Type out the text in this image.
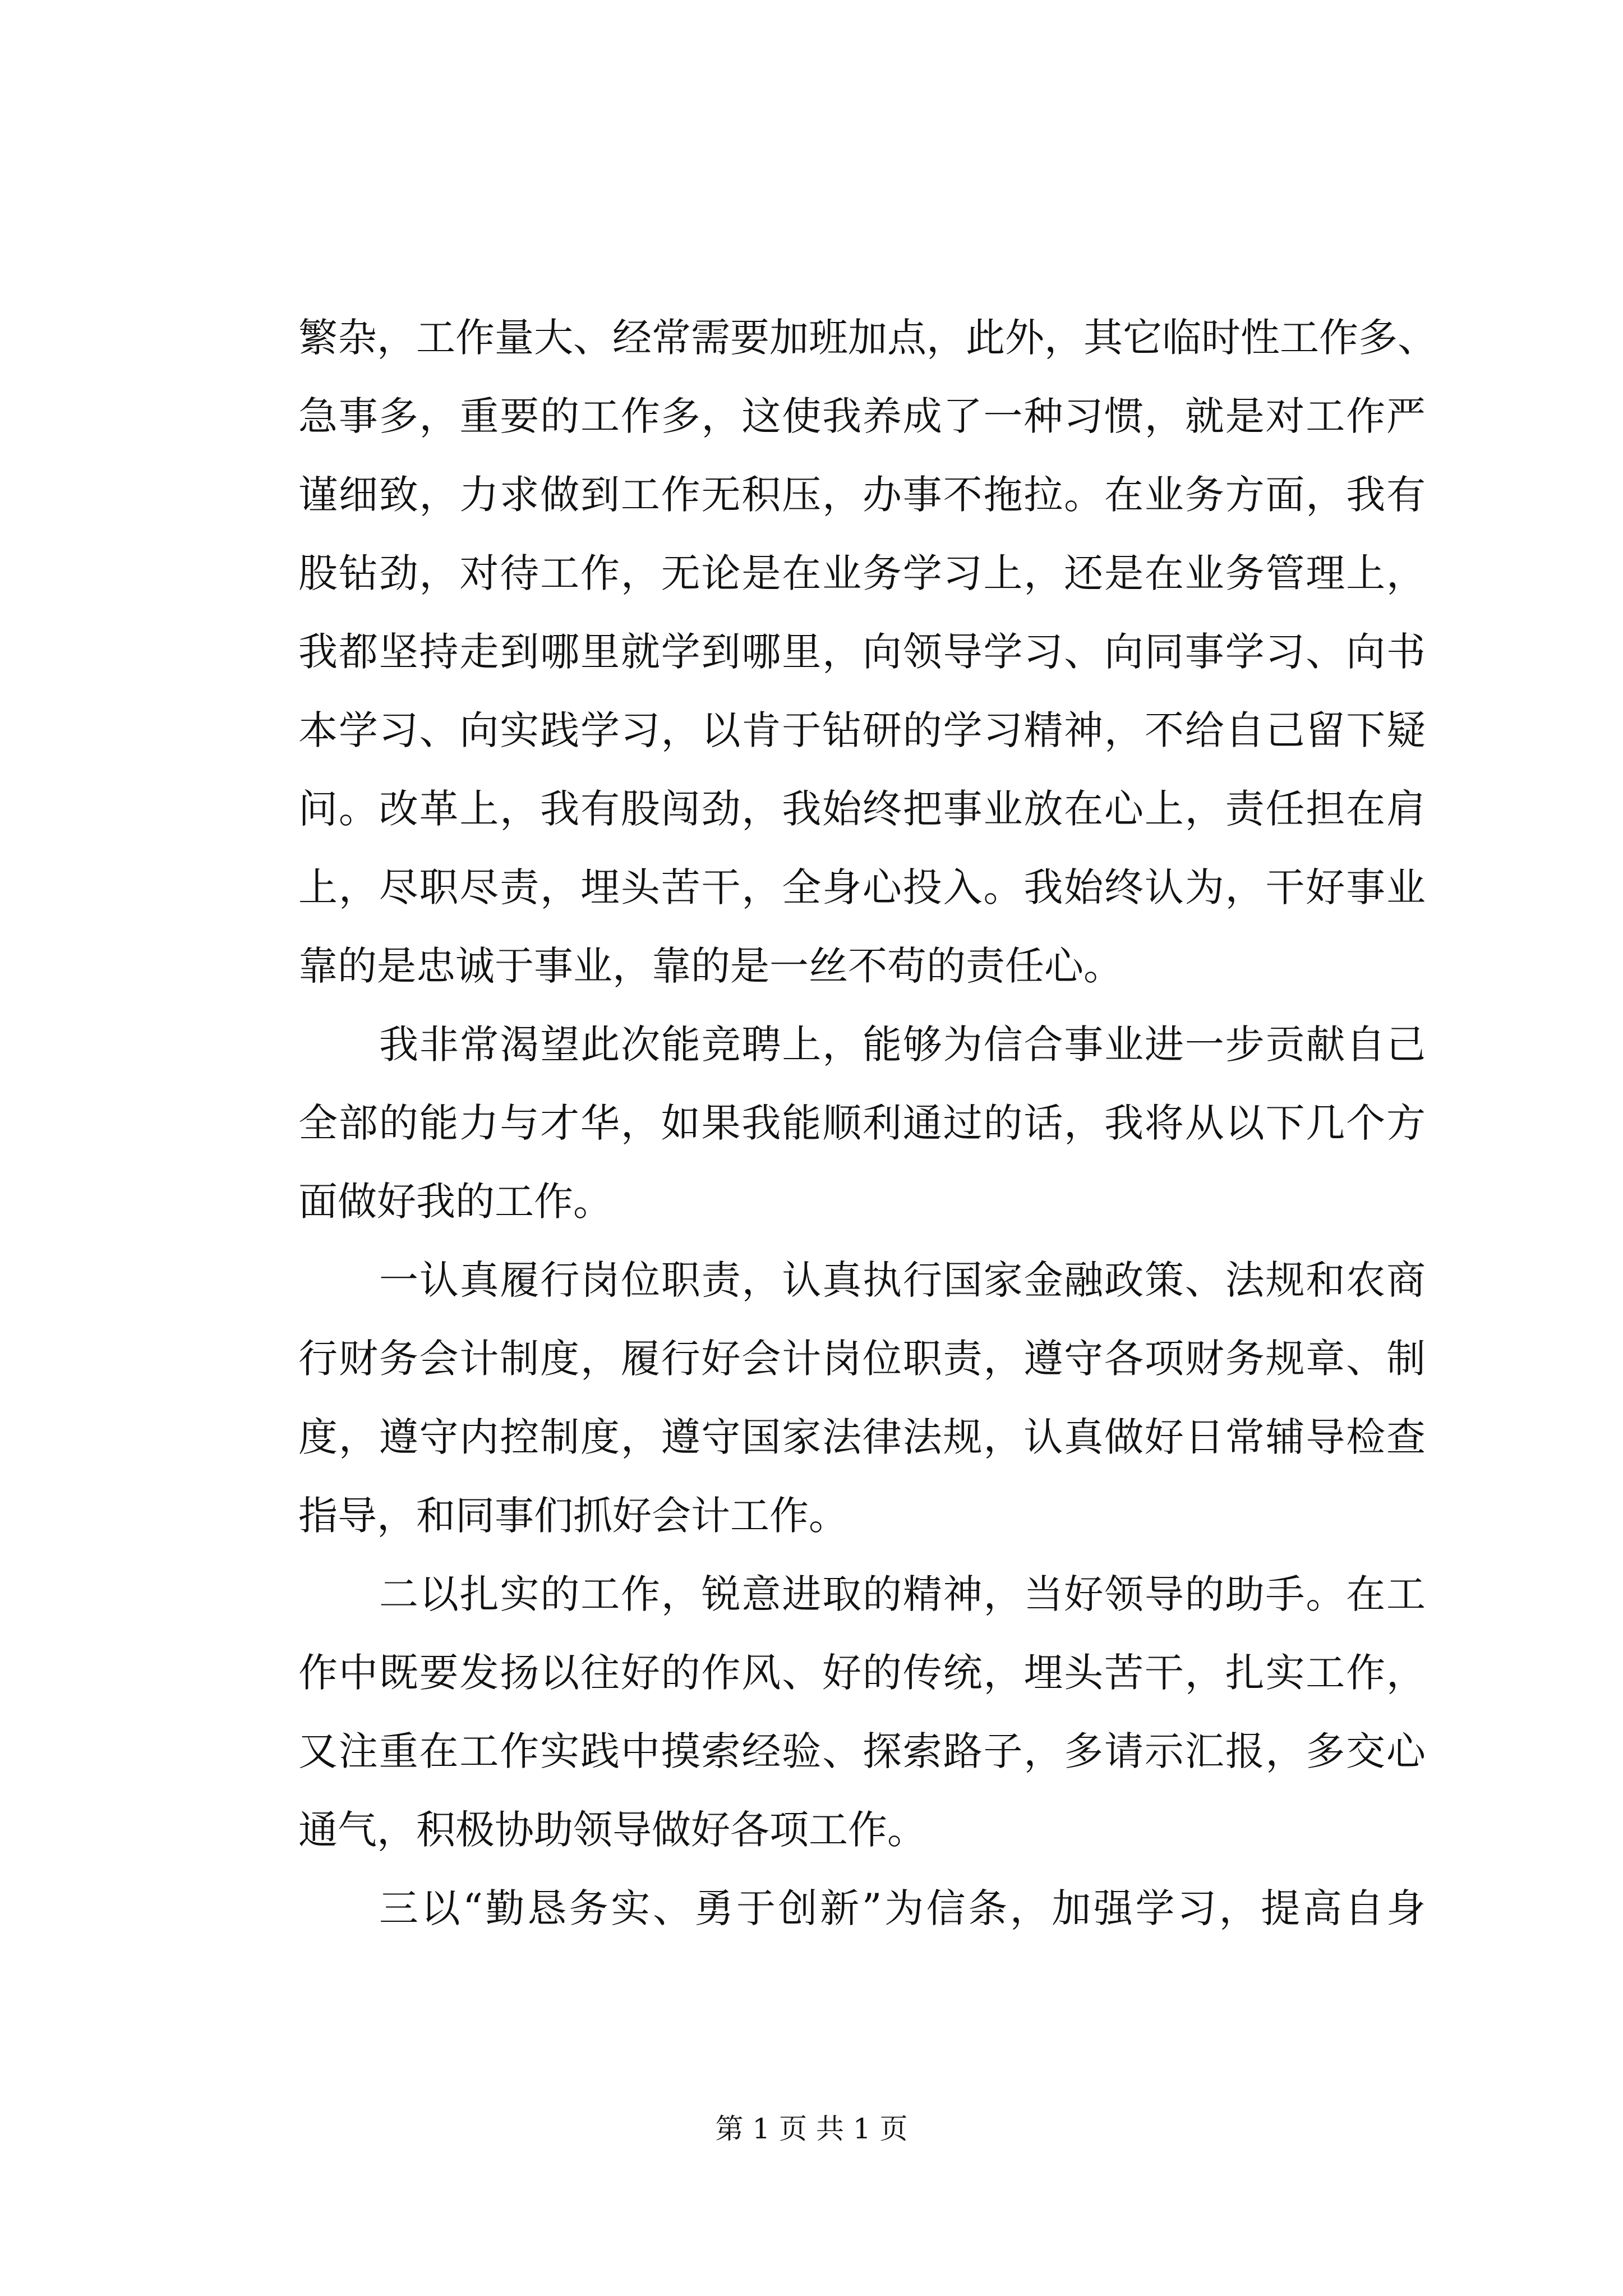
繁杂，工作量大、经常需要加班加点，此外，其它临时性工作多、
急事多，重要的工作多，这使我养成了一种习惯，就是对工作严
谨细致，力求做到工作无积压，办事不拖拉。在业务方面，我有
股钻劲，对待工作，无论是在业务学习上，还是在业务管理上，
我都坚持走到哪里就学到哪里，向领导学习、向同事学习、向书
本学习、向实践学习，以肯于钻研的学习精神，不给自己留下疑
问。改革上，我有股闯劲，我始终把事业放在心上，责任担在肩
上，尽职尽责，埋头苦干，全身心投入。我始终认为，干好事业
靠的是忠诚于事业，靠的是一丝不苟的责任心。
我非常渴望此次能竞聘上，能够为信合事业进一步贡献自己
全部的能力与才华，如果我能顺利通过的话，我将从以下几个方
面做好我的工作。
一认真履行岗位职责，认真执行国家金融政策、法规和农商
行财务会计制度，履行好会计岗位职责，遵守各项财务规章、制
度，遵守内控制度，遵守国家法律法规，认真做好日常辅导检查
指导，和同事们抓好会计工作。
二以扎实的工作，锐意进取的精神，当好领导的助手。在工
作中既要发扬以往好的作风、好的传统，埋头苦干，扎实工作，
又注重在工作实践中摸索经验、探索路子，多请示汇报，多交心
通气，积极协助领导做好各项工作。
三以“勤恳务实、勇于创新”为信条，加强学习，提高自身
第 1 页 共 1 页
